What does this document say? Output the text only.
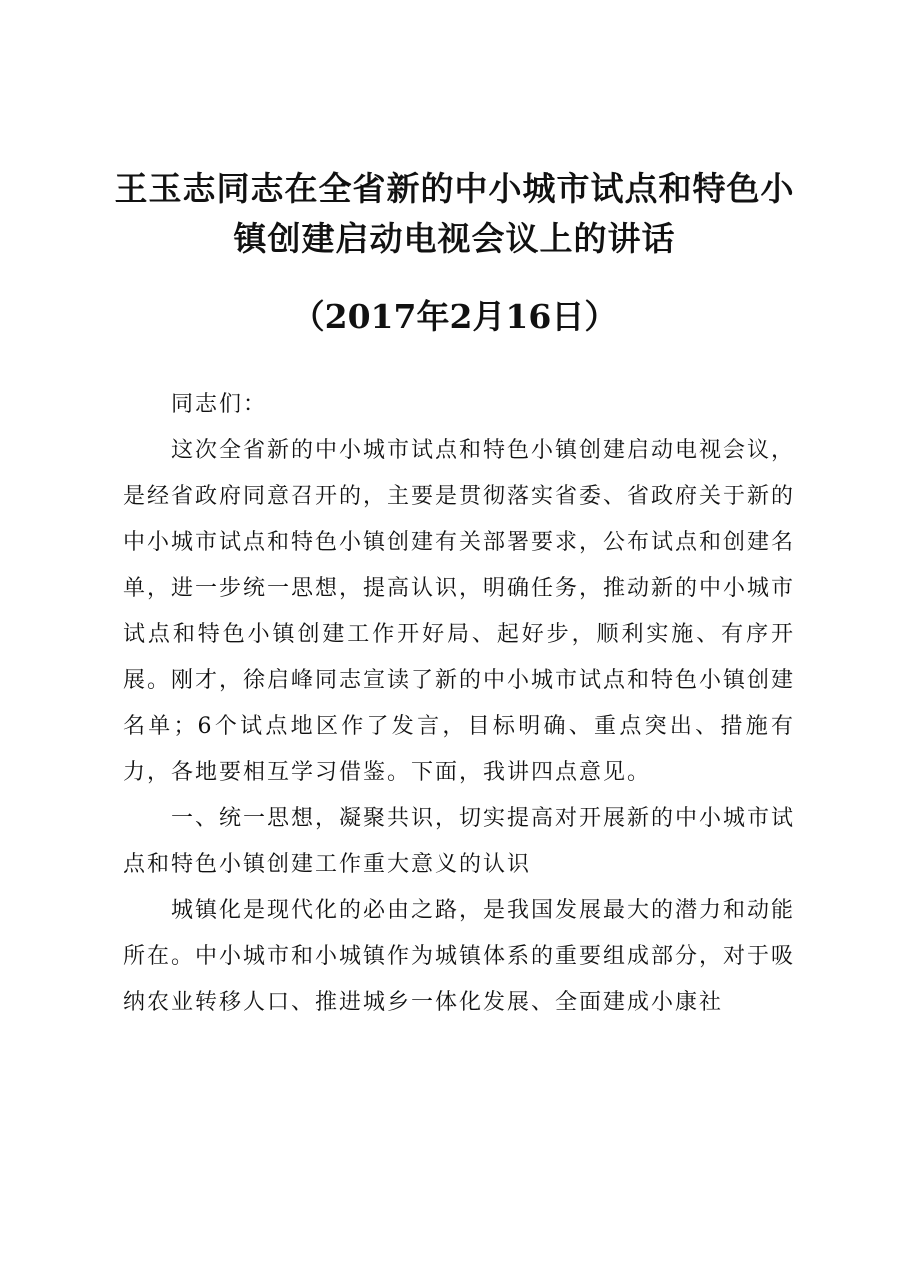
王玉志同志在全省新的中小城市试点和特色小
镇创建启动电视会议上的讲话
（2017年2月16日）

同志们：

这次全省新的中小城市试点和特色小镇创建启动电视会议，是经省政府同意召开的，主要是贯彻落实省委、省政府关于新的中小城市试点和特色小镇创建有关部署要求，公布试点和创建名单，进一步统一思想，提高认识，明确任务，推动新的中小城市试点和特色小镇创建工作开好局、起好步，顺利实施、有序开展。刚才，徐启峰同志宣读了新的中小城市试点和特色小镇创建名单；6个试点地区作了发言，目标明确、重点突出、措施有力，各地要相互学习借鉴。下面，我讲四点意见。

一、统一思想，凝聚共识，切实提高对开展新的中小城市试点和特色小镇创建工作重大意义的认识

城镇化是现代化的必由之路，是我国发展最大的潜力和动能所在。中小城市和小城镇作为城镇体系的重要组成部分，对于吸纳农业转移人口、推进城乡一体化发展、全面建成小康社
